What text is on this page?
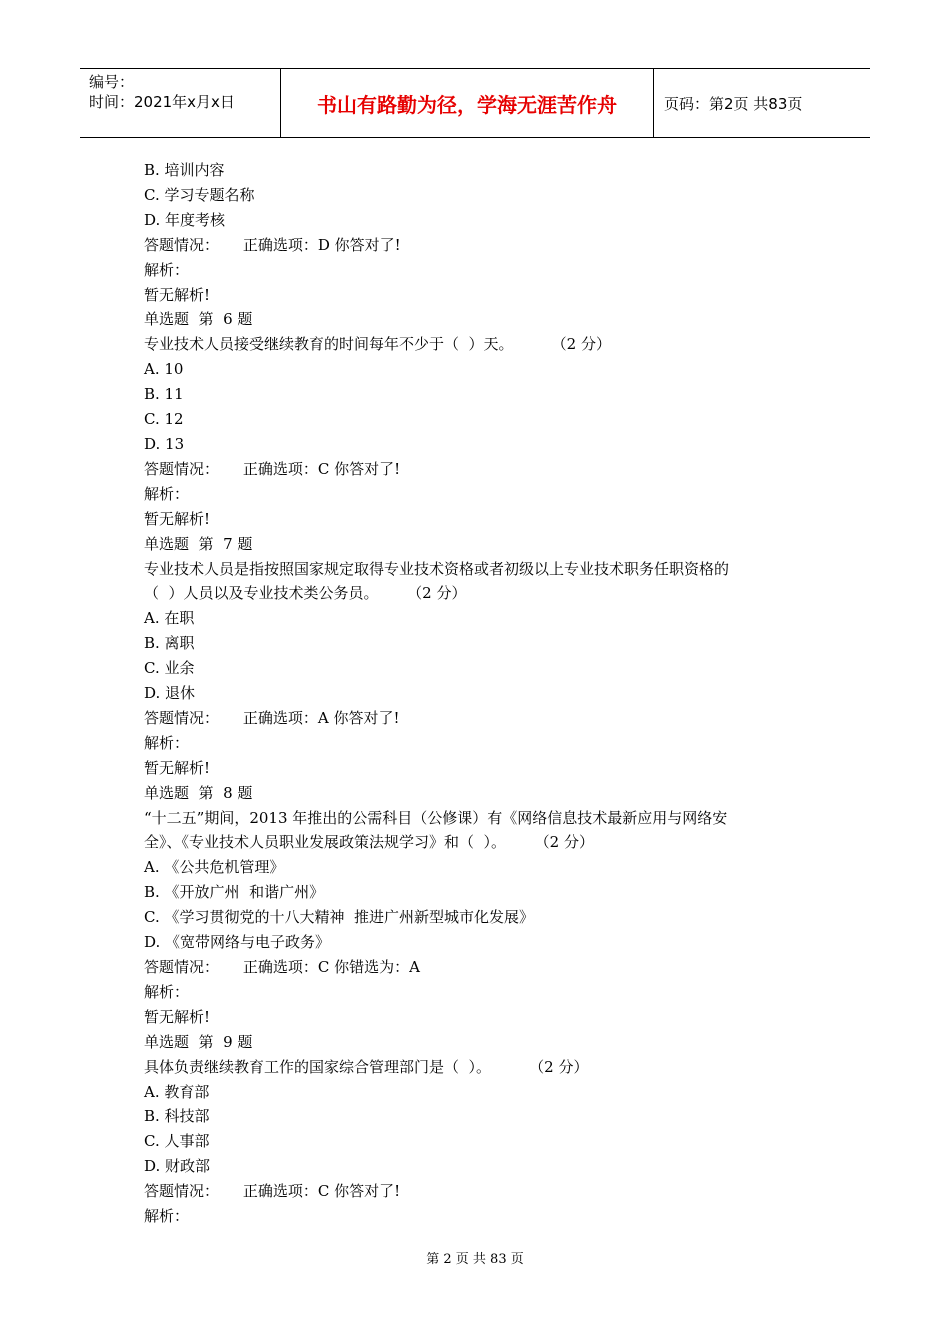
编号：
时间：2021年x月x日	书山有路勤为径，学海无涯苦作舟	页码：第2页 共83页
B. 培训内容
C. 学习专题名称
D. 年度考核
答题情况：     正确选项：D 你答对了!
解析：
暂无解析!
单选题  第  6 题
专业技术人员接受继续教育的时间每年不少于（  ）天。        （2 分）
A. 10
B. 11
C. 12
D. 13
答题情况：     正确选项：C 你答对了!
解析：
暂无解析!
单选题  第  7 题
专业技术人员是指按照国家规定取得专业技术资格或者初级以上专业技术职务任职资格的
（  ）人员以及专业技术类公务员。      （2 分）
A. 在职
B. 离职
C. 业余
D. 退休
答题情况：     正确选项：A 你答对了!
解析：
暂无解析!
单选题  第  8 题
“十二五”期间，2013 年推出的公需科目（公修课）有《网络信息技术最新应用与网络安
全》、《专业技术人员职业发展政策法规学习》和（  ）。      （2 分）
A. 《公共危机管理》
B. 《开放广州  和谐广州》
C. 《学习贯彻党的十八大精神  推进广州新型城市化发展》
D. 《宽带网络与电子政务》
答题情况：     正确选项：C 你错选为：A
解析：
暂无解析!
单选题  第  9 题
具体负责继续教育工作的国家综合管理部门是（  ）。        （2 分）
A. 教育部
B. 科技部
C. 人事部
D. 财政部
答题情况：     正确选项：C 你答对了!
解析：
第 2 页 共 83 页
